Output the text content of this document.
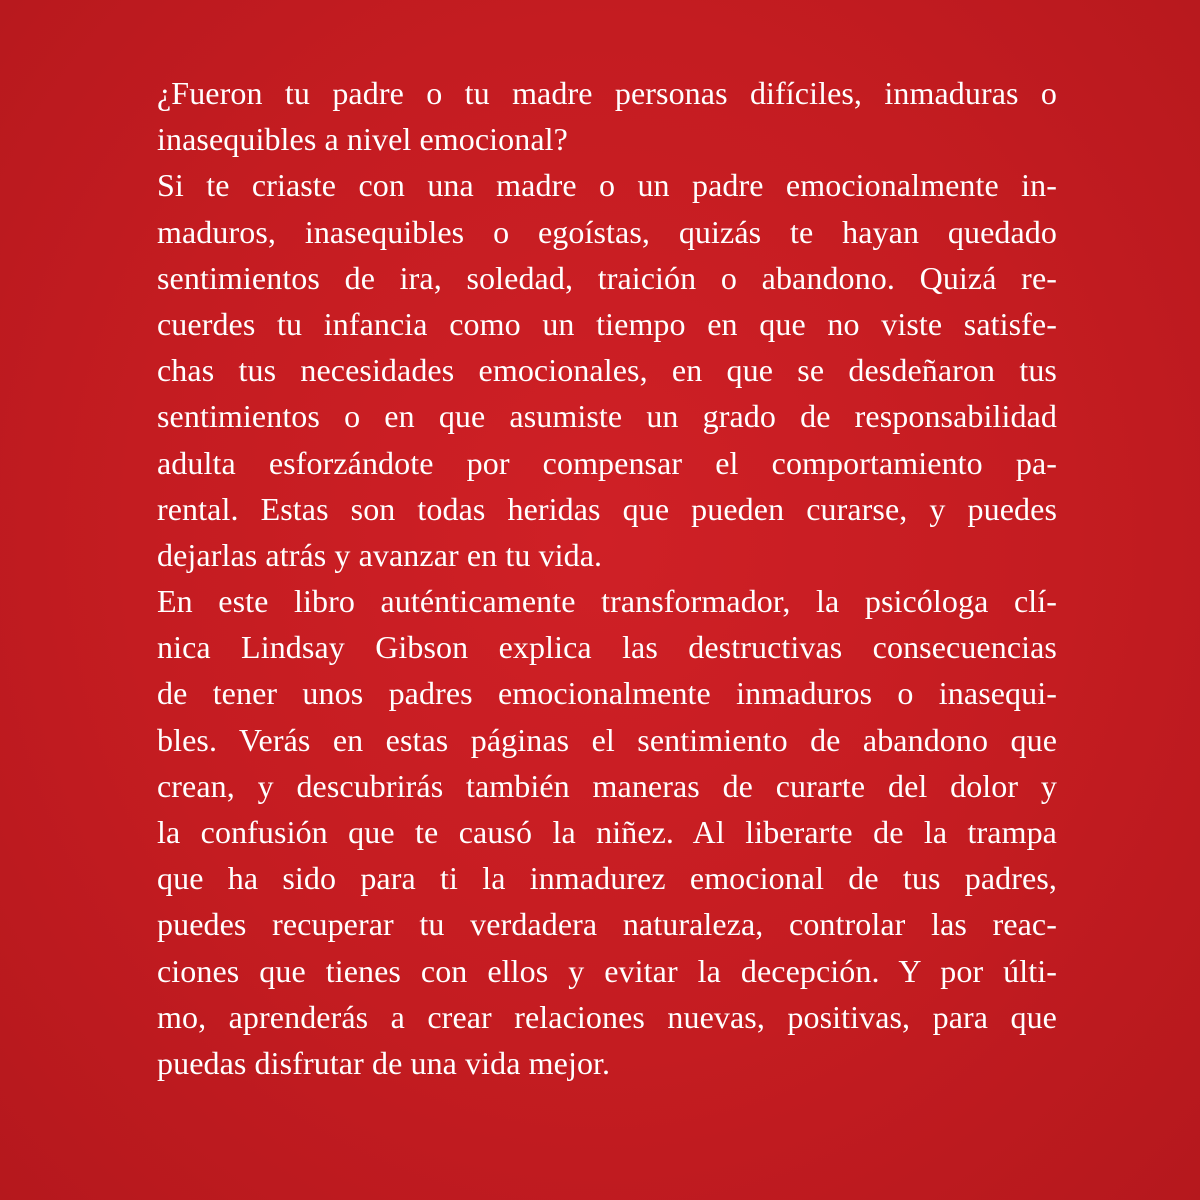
¿Fueron tu padre o tu madre personas difíciles, inmaduras o
inasequibles a nivel emocional?
Si te criaste con una madre o un padre emocionalmente in-
maduros, inasequibles o egoístas, quizás te hayan quedado
sentimientos de ira, soledad, traición o abandono. Quizá re-
cuerdes tu infancia como un tiempo en que no viste satisfe-
chas tus necesidades emocionales, en que se desdeñaron tus
sentimientos o en que asumiste un grado de responsabilidad
adulta esforzándote por compensar el comportamiento pa-
rental. Estas son todas heridas que pueden curarse, y puedes
dejarlas atrás y avanzar en tu vida.
En este libro auténticamente transformador, la psicóloga clí-
nica Lindsay Gibson explica las destructivas consecuencias
de tener unos padres emocionalmente inmaduros o inasequi-
bles. Verás en estas páginas el sentimiento de abandono que
crean, y descubrirás también maneras de curarte del dolor y
la confusión que te causó la niñez. Al liberarte de la trampa
que ha sido para ti la inmadurez emocional de tus padres,
puedes recuperar tu verdadera naturaleza, controlar las reac-
ciones que tienes con ellos y evitar la decepción. Y por últi-
mo, aprenderás a crear relaciones nuevas, positivas, para que
puedas disfrutar de una vida mejor.
